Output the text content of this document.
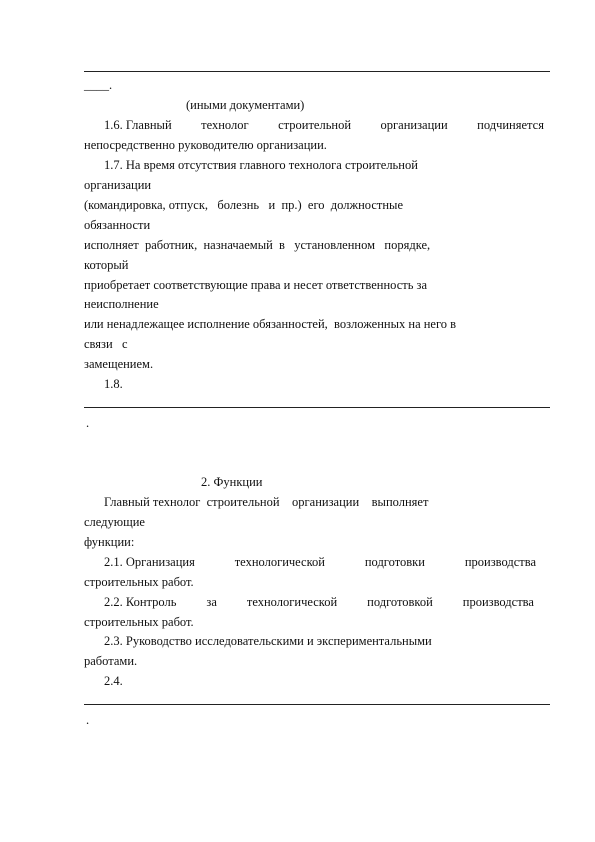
____.
(иными документами)
1.6. Главный технолог строительной организации подчиняется
непосредственно руководителю организации.
1.7. На время отсутствия главного технолога строительной
организации
(командировка, отпуск,   болезнь   и  пр.)  его  должностные
обязанности
исполняет  работник,  назначаемый  в   установленном   порядке,
который
приобретает соответствующие права и несет ответственность за
неисполнение
или ненадлежащее исполнение обязанностей,  возложенных на него в
связи   с
замещением.
1.8.
.
2. Функции
Главный технолог  строительной    организации    выполняет
следующие
функции:
2.1. Организация	технологической	подготовки	производства
строительных работ.
2.2. Контроль за технологической подготовкой производства
строительных работ.
2.3. Руководство исследовательскими и экспериментальными
работами.
2.4.
.
